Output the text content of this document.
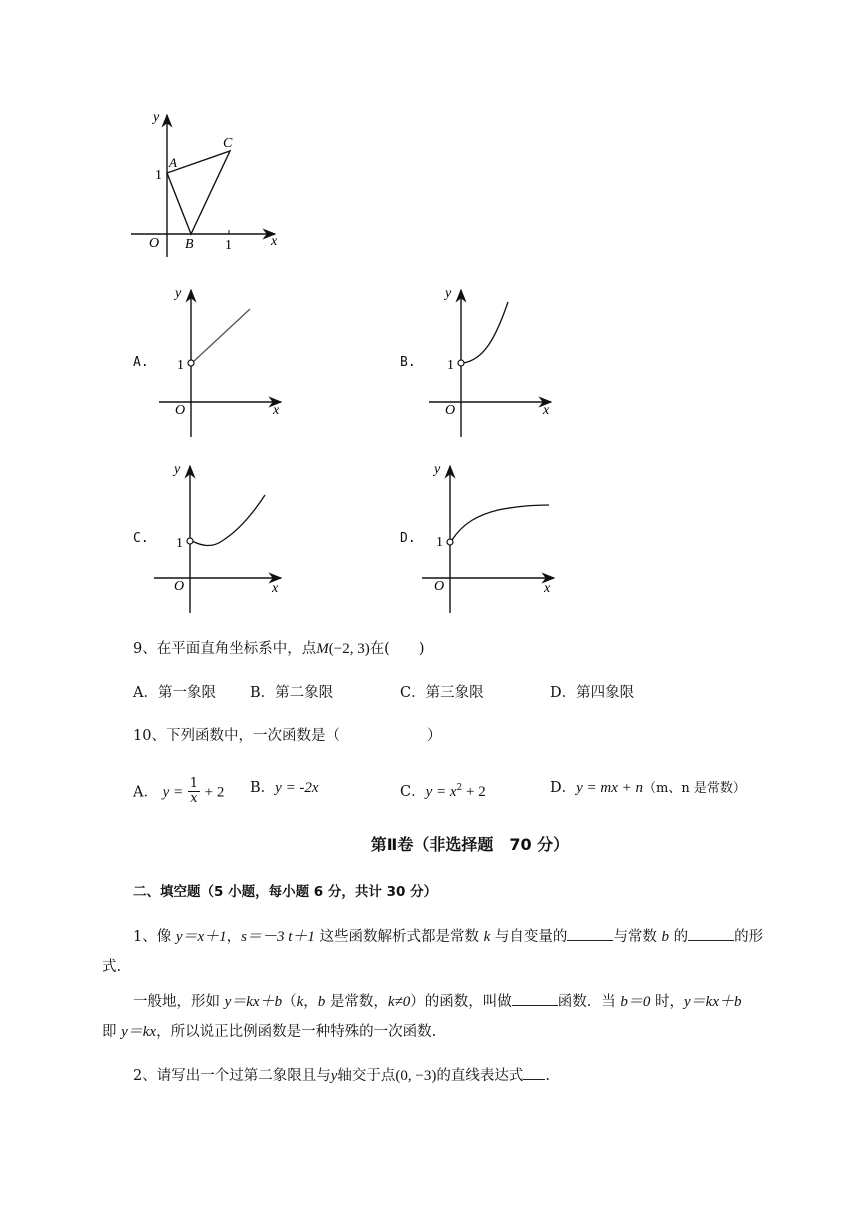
y
x
O
1
1
A
B
C
A.
y
x
O
1	B.
y
x
O
1
C.
y
x
O
1	D.
y
x
O
1
9、在平面直角坐标系中，点M(−2, 3)在(　　)
A．第一象限 B．第二象限	C．第三象限	D．第四象限
10、下列函数中，一次函数是（　　　　　　）
A． $y = \frac{1}{x} + 2$ B．y = -2x	C．$y = x^2 + 2$	D．y = mx + n（m、n 是常数）
第Ⅱ卷（非选择题　70 分）
二、填空题（5 小题，每小题 6 分，共计 30 分）
1、像 y＝x＋1，s＝－3 t＋1 这些函数解析式都是常数 k 与自变量的	与常数 b 的	的形
式.
一般地，形如 y＝kx＋b（k，b 是常数，k≠0）的函数，叫做	函数．当 b＝0 时，y＝kx＋b
即 y＝kx，所以说正比例函数是一种特殊的一次函数.
2、请写出一个过第二象限且与y轴交于点(0, −3)的直线表达式 .
